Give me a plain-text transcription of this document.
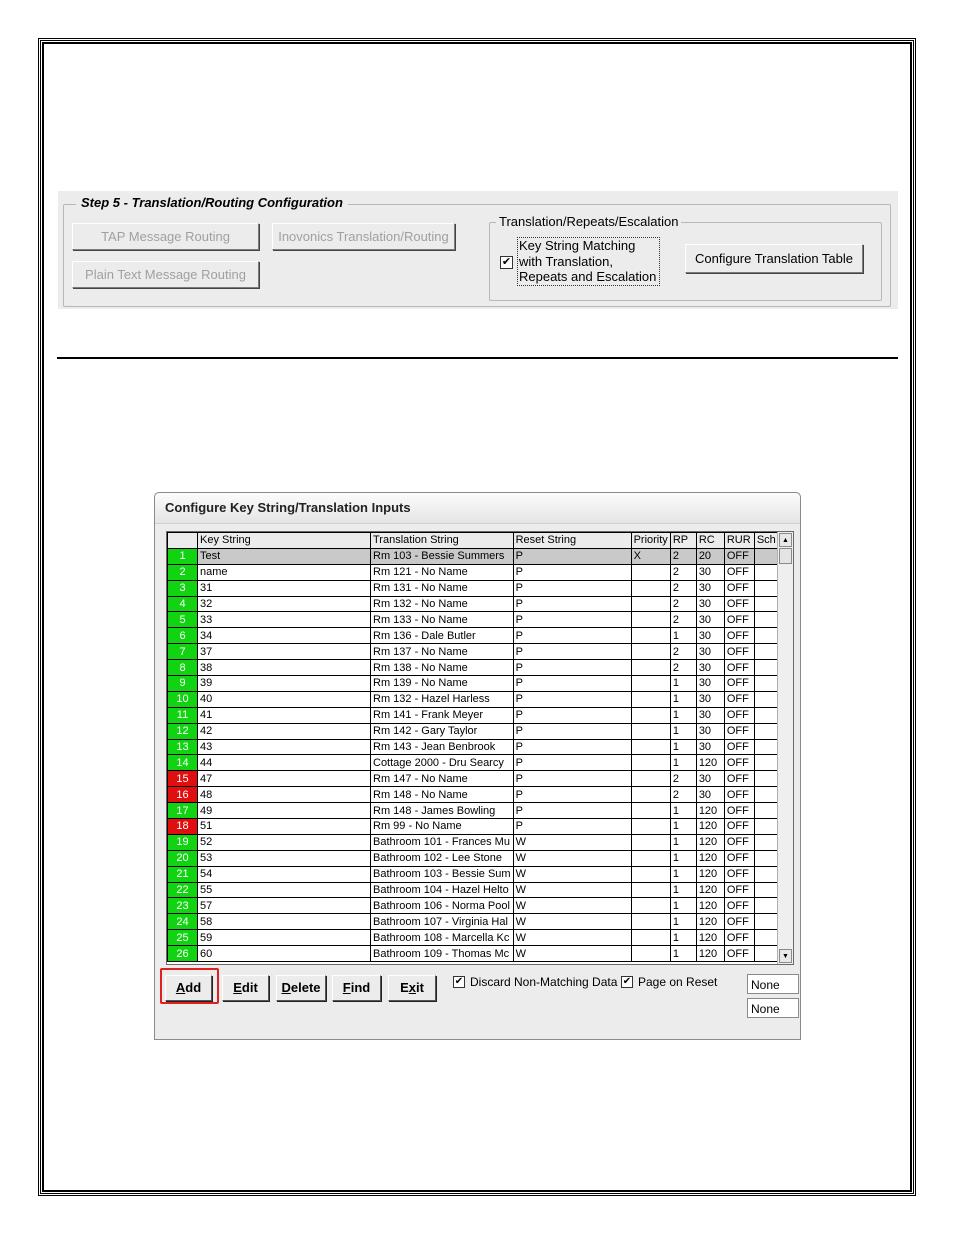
Step 5 - Translation/Routing Configuration
TAP Message Routing	Inovonics Translation/Routing
Plain Text Message Routing
Translation/Repeats/Escalation
✔
Key String Matching with Translation, Repeats and Escalation
Configure Translation Table
Configure Key String/Translation Inputs
	Key String	Translation String	Reset String	Priority	RP	RC	RUR	Sch
1	Test	Rm 103 - Bessie Summers	P	X	2	20	OFF	
2	name	Rm 121 - No Name	P		2	30	OFF	
3	31	Rm 131 - No Name	P		2	30	OFF	
4	32	Rm 132 - No Name	P		2	30	OFF	
5	33	Rm 133 - No Name	P		2	30	OFF	
6	34	Rm 136 - Dale Butler	P		1	30	OFF	
7	37	Rm 137 - No Name	P		2	30	OFF	
8	38	Rm 138 - No Name	P		2	30	OFF	
9	39	Rm 139 - No Name	P		1	30	OFF	
10	40	Rm 132 - Hazel Harless	P		1	30	OFF	
11	41	Rm 141 - Frank Meyer	P		1	30	OFF	
12	42	Rm 142 - Gary Taylor	P		1	30	OFF	
13	43	Rm 143 - Jean Benbrook	P		1	30	OFF	
14	44	Cottage 2000 - Dru Searcy	P		1	120	OFF	
15	47	Rm 147 - No Name	P		2	30	OFF	
16	48	Rm 148 - No Name	P		2	30	OFF	
17	49	Rm 148 - James Bowling	P		1	120	OFF	
18	51	Rm 99 - No Name	P		1	120	OFF	
19	52	Bathroom 101 - Frances Mu	W		1	120	OFF	
20	53	Bathroom 102 - Lee Stone	W		1	120	OFF	
21	54	Bathroom 103 - Bessie Sum	W		1	120	OFF	
22	55	Bathroom 104 - Hazel Helto	W		1	120	OFF	
23	57	Bathroom 106 - Norma Pool	W		1	120	OFF	
24	58	Bathroom 107 - Virginia Hal	W		1	120	OFF	
25	59	Bathroom 108 - Marcella Kc	W		1	120	OFF	
26	60	Bathroom 109 - Thomas Mc	W		1	120	OFF	
▲
▼
Add	Edit	Delete	Find	Exit	✔ Discard Non-Matching Data ✔ Page on Reset	None
None
